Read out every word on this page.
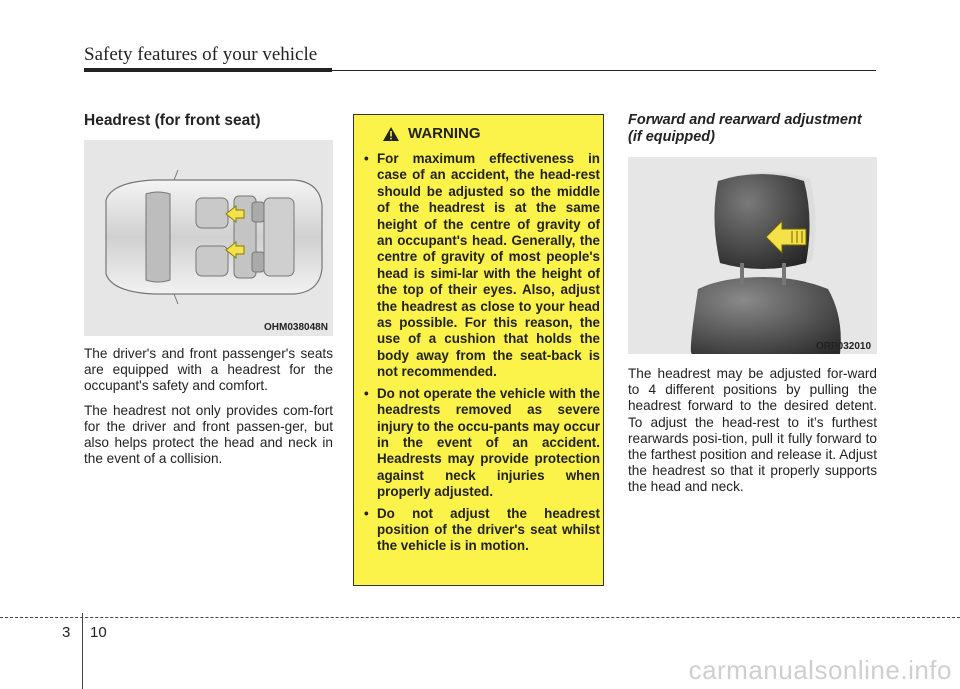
Safety features of your vehicle
Headrest (for front seat)
OHM038048N

The driver's and front passenger's seats are equipped with a headrest for the occupant's safety and comfort.

The headrest not only provides com-fort for the driver and front passen-ger, but also helps protect the head and neck in the event of a collision.

WARNING
• For maximum effectiveness in case of an accident, the head-rest should be adjusted so the middle of the headrest is at the same height of the centre of gravity of an occupant's head. Generally, the centre of gravity of most people's head is simi-lar with the height of the top of their eyes. Also, adjust the headrest as close to your head as possible. For this reason, the use of a cushion that holds the body away from the seat-back is not recommended.
• Do not operate the vehicle with the headrests removed as severe injury to the occu-pants may occur in the event of an accident. Headrests may provide protection against neck injuries when properly adjusted.
• Do not adjust the headrest position of the driver's seat whilst the vehicle is in motion.
Forward and rearward adjustment
(if equipped)
ORP032010

The headrest may be adjusted for-ward to 4 different positions by pulling the headrest forward to the desired detent. To adjust the head-rest to it’s furthest rearwards posi-tion, pull it fully forward to the farthest position and release it. Adjust the headrest so that it properly supports the head and neck.

3 10
carmanualsonline.info
